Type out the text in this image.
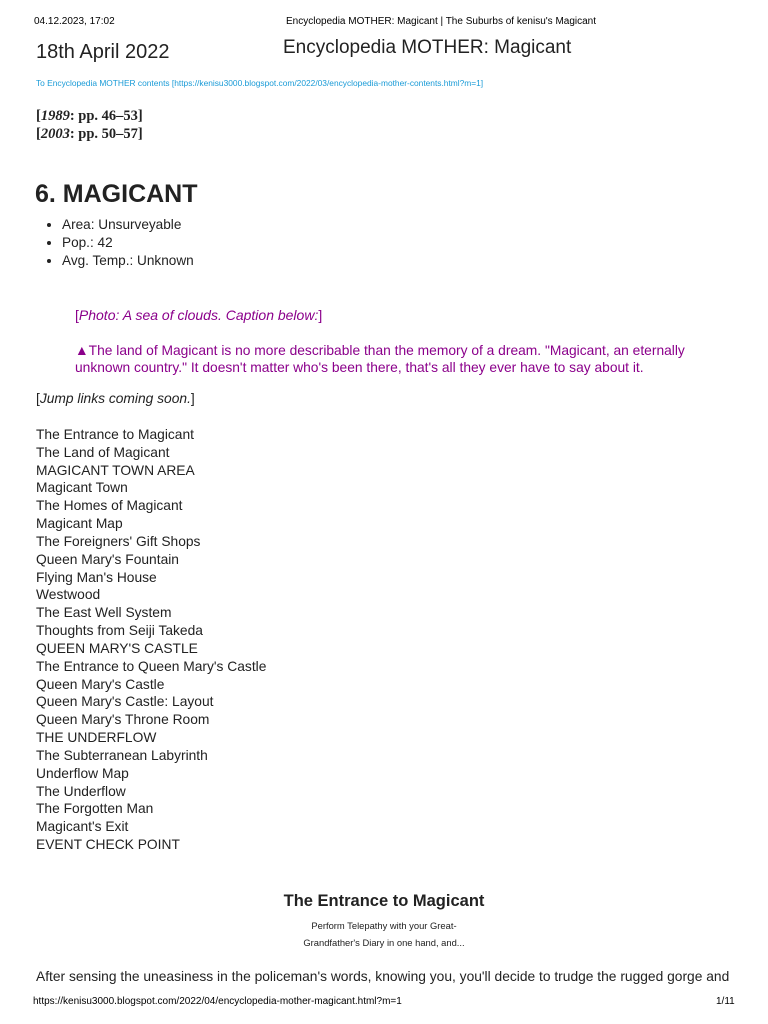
04.12.2023, 17:02	Encyclopedia MOTHER: Magicant | The Suburbs of kenisu's Magicant
18th April 2022	Encyclopedia MOTHER: Magicant
To Encyclopedia MOTHER contents [https://kenisu3000.blogspot.com/2022/03/encyclopedia-mother-contents.html?m=1]
[1989: pp. 46–53]
[2003: pp. 50–57]
6. MAGICANT
• Area: Unsurveyable
• Pop.: 42
• Avg. Temp.: Unknown
[Photo: A sea of clouds. Caption below:]
▲The land of Magicant is no more describable than the memory of a dream. "Magicant, an eternally unknown country." It doesn't matter who's been there, that's all they ever have to say about it.
[Jump links coming soon.]
The Entrance to Magicant
The Land of Magicant
MAGICANT TOWN AREA
Magicant Town
The Homes of Magicant
Magicant Map
The Foreigners' Gift Shops
Queen Mary's Fountain
Flying Man's House
Westwood
The East Well System
Thoughts from Seiji Takeda
QUEEN MARY'S CASTLE
The Entrance to Queen Mary's Castle
Queen Mary's Castle
Queen Mary's Castle: Layout
Queen Mary's Throne Room
THE UNDERFLOW
The Subterranean Labyrinth
Underflow Map
The Underflow
The Forgotten Man
Magicant's Exit
EVENT CHECK POINT
The Entrance to Magicant
Perform Telepathy with your Great-
Grandfather's Diary in one hand, and...
After sensing the uneasiness in the policeman's words, knowing you, you'll decide to trudge the rugged gorge and
https://kenisu3000.blogspot.com/2022/04/encyclopedia-mother-magicant.html?m=1	1/11
